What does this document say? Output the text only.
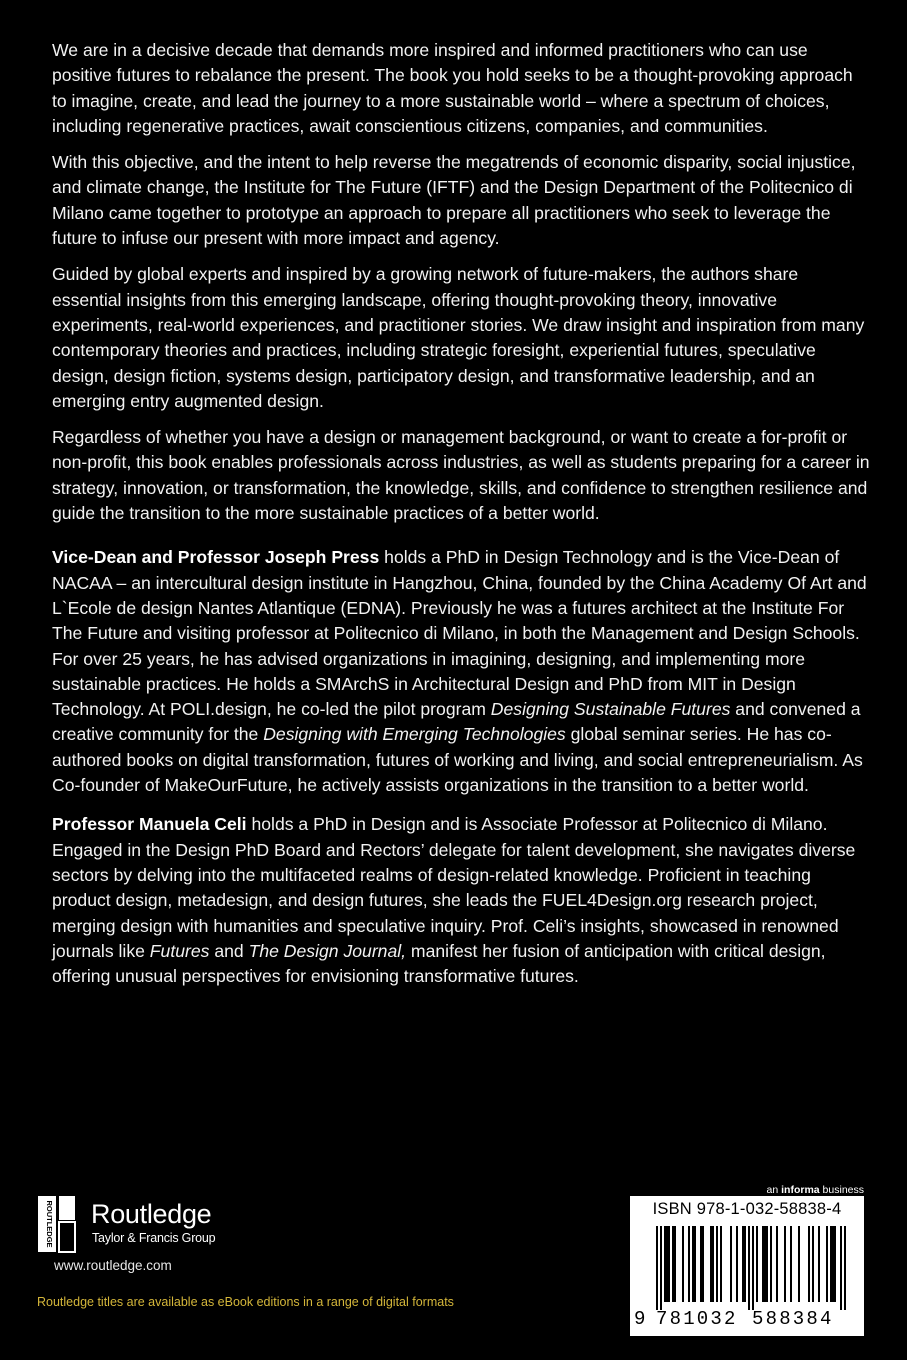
We are in a decisive decade that demands more inspired and informed practitioners who can use positive futures to rebalance the present. The book you hold seeks to be a thought-provoking approach to imagine, create, and lead the journey to a more sustainable world – where a spectrum of choices, including regenerative practices, await conscientious citizens, companies, and communities.

With this objective, and the intent to help reverse the megatrends of economic disparity, social injustice, and climate change, the Institute for The Future (IFTF) and the Design Department of the Politecnico di Milano came together to prototype an approach to prepare all practitioners who seek to leverage the future to infuse our present with more impact and agency.

Guided by global experts and inspired by a growing network of future-makers, the authors share essential insights from this emerging landscape, offering thought-provoking theory, innovative experiments, real-world experiences, and practitioner stories. We draw insight and inspiration from many contemporary theories and practices, including strategic foresight, experiential futures, speculative design, design fiction, systems design, participatory design, and transformative leadership, and an emerging entry augmented design.

Regardless of whether you have a design or management background, or want to create a for-profit or non-profit, this book enables professionals across industries, as well as students preparing for a career in strategy, innovation, or transformation, the knowledge, skills, and confidence to strengthen resilience and guide the transition to the more sustainable practices of a better world.

Vice-Dean and Professor Joseph Press holds a PhD in Design Technology and is the Vice-Dean of NACAA – an intercultural design institute in Hangzhou, China, founded by the China Academy Of Art and L`Ecole de design Nantes Atlantique (EDNA). Previously he was a futures architect at the Institute For The Future and visiting professor at Politecnico di Milano, in both the Management and Design Schools. For over 25 years, he has advised organizations in imagining, designing, and implementing more sustainable practices. He holds a SMArchS in Architectural Design and PhD from MIT in Design Technology. At POLI.design, he co-led the pilot program Designing Sustainable Futures and convened a creative community for the Designing with Emerging Technologies global seminar series. He has co-authored books on digital transformation, futures of working and living, and social entrepreneurialism. As Co-founder of MakeOurFuture, he actively assists organizations in the transition to a better world.

Professor Manuela Celi holds a PhD in Design and is Associate Professor at Politecnico di Milano. Engaged in the Design PhD Board and Rectors’ delegate for talent development, she navigates diverse sectors by delving into the multifaceted realms of design-related knowledge. Proficient in teaching product design, metadesign, and design futures, she leads the FUEL4Design.org research project, merging design with humanities and speculative inquiry. Prof. Celi’s insights, showcased in renowned journals like Futures and The Design Journal, manifest her fusion of anticipation with critical design, offering unusual perspectives for envisioning transformative futures.

ROUTLEDGE Routledge
Taylor & Francis Group
www.routledge.com
Routledge titles are available as eBook editions in a range of digital formats
an informa business
ISBN 978-1-032-58838-4
9 781032 588384
